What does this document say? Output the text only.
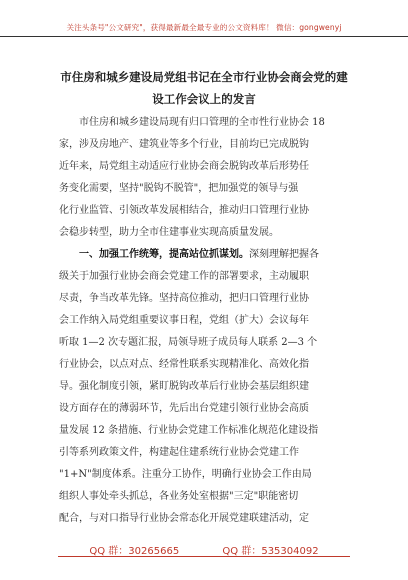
关注头条号"公文研究"，获得最新最全最专业的公文资料库！ 微信：gongwenyj
市住房和城乡建设局党组书记在全市行业协会商会党的建
设工作会议上的发言
市住房和城乡建设局现有归口管理的全市性行业协会 18
家，涉及房地产、建筑业等多个行业，目前均已完成脱钩
近年来，局党组主动适应行业协会商会脱钩改革后形势任
务变化需要，坚持"脱钩不脱管"，把加强党的领导与强
化行业监管、引领改革发展相结合，推动归口管理行业协
会稳步转型，助力全市住建事业实现高质量发展。
一、加强工作统筹，提高站位抓谋划。深刻理解把握各
级关于加强行业协会商会党建工作的部署要求，主动履职
尽责，争当改革先锋。坚持高位推动，把归口管理行业协
会工作纳入局党组重要议事日程，党组（扩大）会议每年
听取 1—2 次专题汇报，局领导班子成员每人联系 2—3 个
行业协会，以点对点、经常性联系实现精准化、高效化指
导。强化制度引领，紧盯脱钩改革后行业协会基层组织建
设方面存在的薄弱环节，先后出台党建引领行业协会高质
量发展 12 条措施、行业协会党建工作标准化规范化建设指
引等系列政策文件，构建起住建系统行业协会党建工作
"1+N"制度体系。注重分工协作，明确行业协会工作由局
组织人事处牵头抓总，各业务处室根据"三定"职能密切
配合，与对口指导行业协会常态化开展党建联建活动，定
QQ 群：30265665	QQ 群：535304092
